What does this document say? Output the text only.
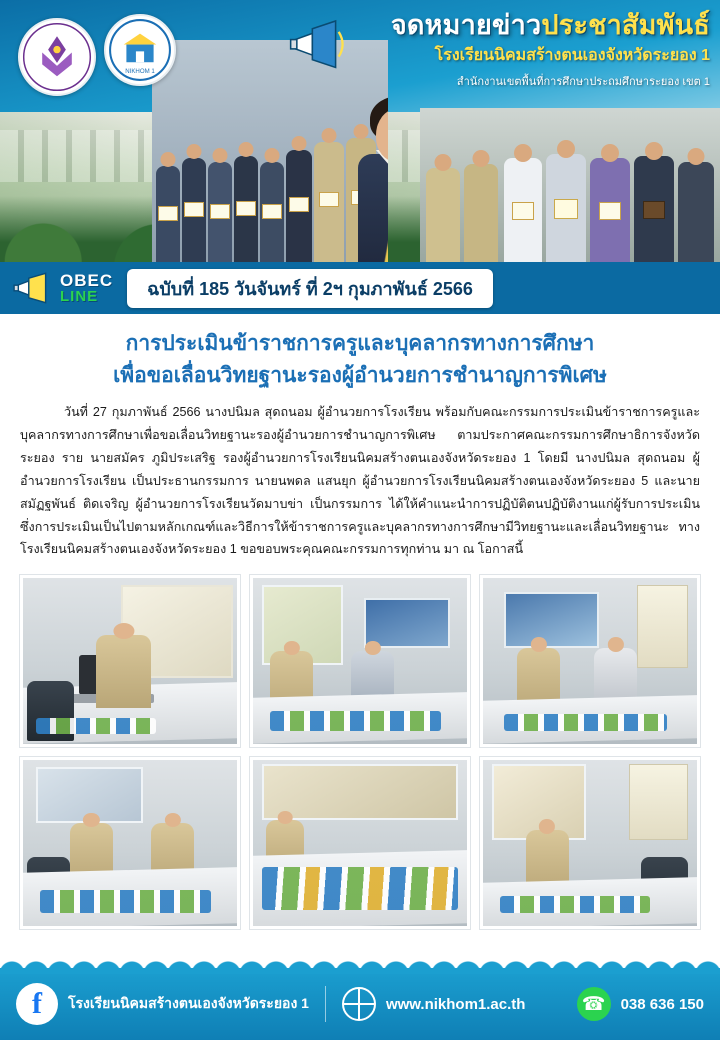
NIKHOM 1
จดหมายข่าวประชาสัมพันธ์
โรงเรียนนิคมสร้างตนเองจังหวัดระยอง 1
สำนักงานเขตพื้นที่การศึกษาประถมศึกษาระยอง เขต 1
OBEC
LINE	ฉบับที่ 185 วันจันทร์ ที่ 2ฯ กุมภาพันธ์ 2566
การประเมินข้าราชการครูและบุคลากรทางการศึกษา
เพื่อขอเลื่อนวิทยฐานะรองผู้อำนวยการชำนาญการพิเศษ
วันที่ 27 กุมภาพันธ์ 2566 นางปนิมล สุดถนอม ผู้อำนวยการโรงเรียน พร้อมกับคณะกรรมการประเมินข้าราชการครูและบุคลากรทางการศึกษาเพื่อขอเลื่อนวิทยฐานะรองผู้อำนวยการชำนาญการพิเศษ ตามประกาศคณะกรรมการศึกษาธิการจังหวัดระยอง ราย นายสมัคร ภูมิประเสริฐ รองผู้อำนวยการโรงเรียนนิคมสร้างตนเองจังหวัดระยอง 1 โดยมี นางปนิมล สุดถนอม ผู้อำนวยการโรงเรียน เป็นประธานกรรมการ นายนพดล แสนยุก ผู้อำนวยการโรงเรียนนิคมสร้างตนเองจังหวัดระยอง 5 และนายสมัฏฐพันธ์ ติดเจริญ ผู้อำนวยการโรงเรียนวัดมาบข่า เป็นกรรมการ ได้ให้คำแนะนำการปฏิบัติตนปฏิบัติงานแก่ผู้รับการประเมิน ซึ่งการประเมินเป็นไปตามหลักเกณฑ์และวิธีการให้ข้าราชการครูและบุคลากรทางการศึกษามีวิทยฐานะและเลื่อนวิทยฐานะ ทางโรงเรียนนิคมสร้างตนเองจังหวัดระยอง 1 ขอขอบพระคุณคณะกรรมการทุกท่าน มา ณ โอกาสนี้
f โรงเรียนนิคมสร้างตนเองจังหวัดระยอง 1	www.nikhom1.ac.th	☎ 038 636 150
